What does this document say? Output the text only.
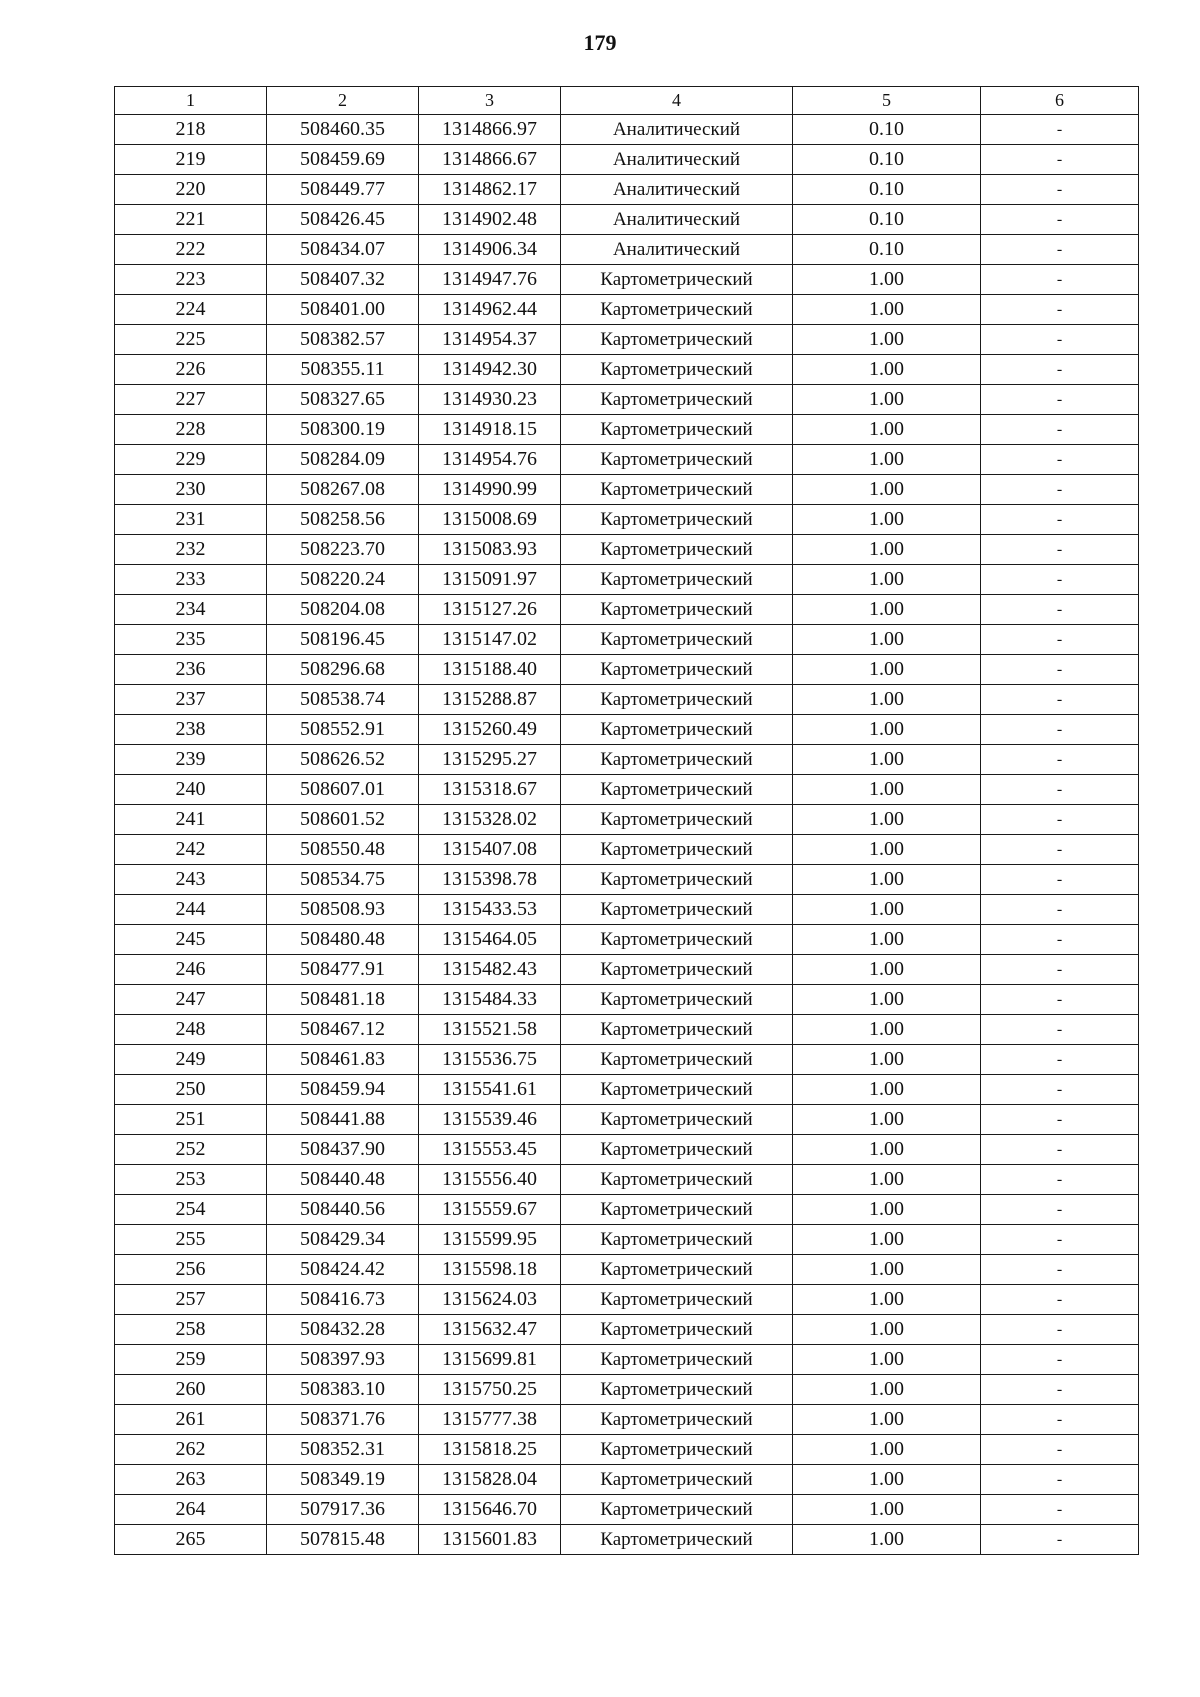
179
1	2	3	4	5	6
218	508460.35	1314866.97	Аналитический	0.10	-
219	508459.69	1314866.67	Аналитический	0.10	-
220	508449.77	1314862.17	Аналитический	0.10	-
221	508426.45	1314902.48	Аналитический	0.10	-
222	508434.07	1314906.34	Аналитический	0.10	-
223	508407.32	1314947.76	Картометрический	1.00	-
224	508401.00	1314962.44	Картометрический	1.00	-
225	508382.57	1314954.37	Картометрический	1.00	-
226	508355.11	1314942.30	Картометрический	1.00	-
227	508327.65	1314930.23	Картометрический	1.00	-
228	508300.19	1314918.15	Картометрический	1.00	-
229	508284.09	1314954.76	Картометрический	1.00	-
230	508267.08	1314990.99	Картометрический	1.00	-
231	508258.56	1315008.69	Картометрический	1.00	-
232	508223.70	1315083.93	Картометрический	1.00	-
233	508220.24	1315091.97	Картометрический	1.00	-
234	508204.08	1315127.26	Картометрический	1.00	-
235	508196.45	1315147.02	Картометрический	1.00	-
236	508296.68	1315188.40	Картометрический	1.00	-
237	508538.74	1315288.87	Картометрический	1.00	-
238	508552.91	1315260.49	Картометрический	1.00	-
239	508626.52	1315295.27	Картометрический	1.00	-
240	508607.01	1315318.67	Картометрический	1.00	-
241	508601.52	1315328.02	Картометрический	1.00	-
242	508550.48	1315407.08	Картометрический	1.00	-
243	508534.75	1315398.78	Картометрический	1.00	-
244	508508.93	1315433.53	Картометрический	1.00	-
245	508480.48	1315464.05	Картометрический	1.00	-
246	508477.91	1315482.43	Картометрический	1.00	-
247	508481.18	1315484.33	Картометрический	1.00	-
248	508467.12	1315521.58	Картометрический	1.00	-
249	508461.83	1315536.75	Картометрический	1.00	-
250	508459.94	1315541.61	Картометрический	1.00	-
251	508441.88	1315539.46	Картометрический	1.00	-
252	508437.90	1315553.45	Картометрический	1.00	-
253	508440.48	1315556.40	Картометрический	1.00	-
254	508440.56	1315559.67	Картометрический	1.00	-
255	508429.34	1315599.95	Картометрический	1.00	-
256	508424.42	1315598.18	Картометрический	1.00	-
257	508416.73	1315624.03	Картометрический	1.00	-
258	508432.28	1315632.47	Картометрический	1.00	-
259	508397.93	1315699.81	Картометрический	1.00	-
260	508383.10	1315750.25	Картометрический	1.00	-
261	508371.76	1315777.38	Картометрический	1.00	-
262	508352.31	1315818.25	Картометрический	1.00	-
263	508349.19	1315828.04	Картометрический	1.00	-
264	507917.36	1315646.70	Картометрический	1.00	-
265	507815.48	1315601.83	Картометрический	1.00	-
